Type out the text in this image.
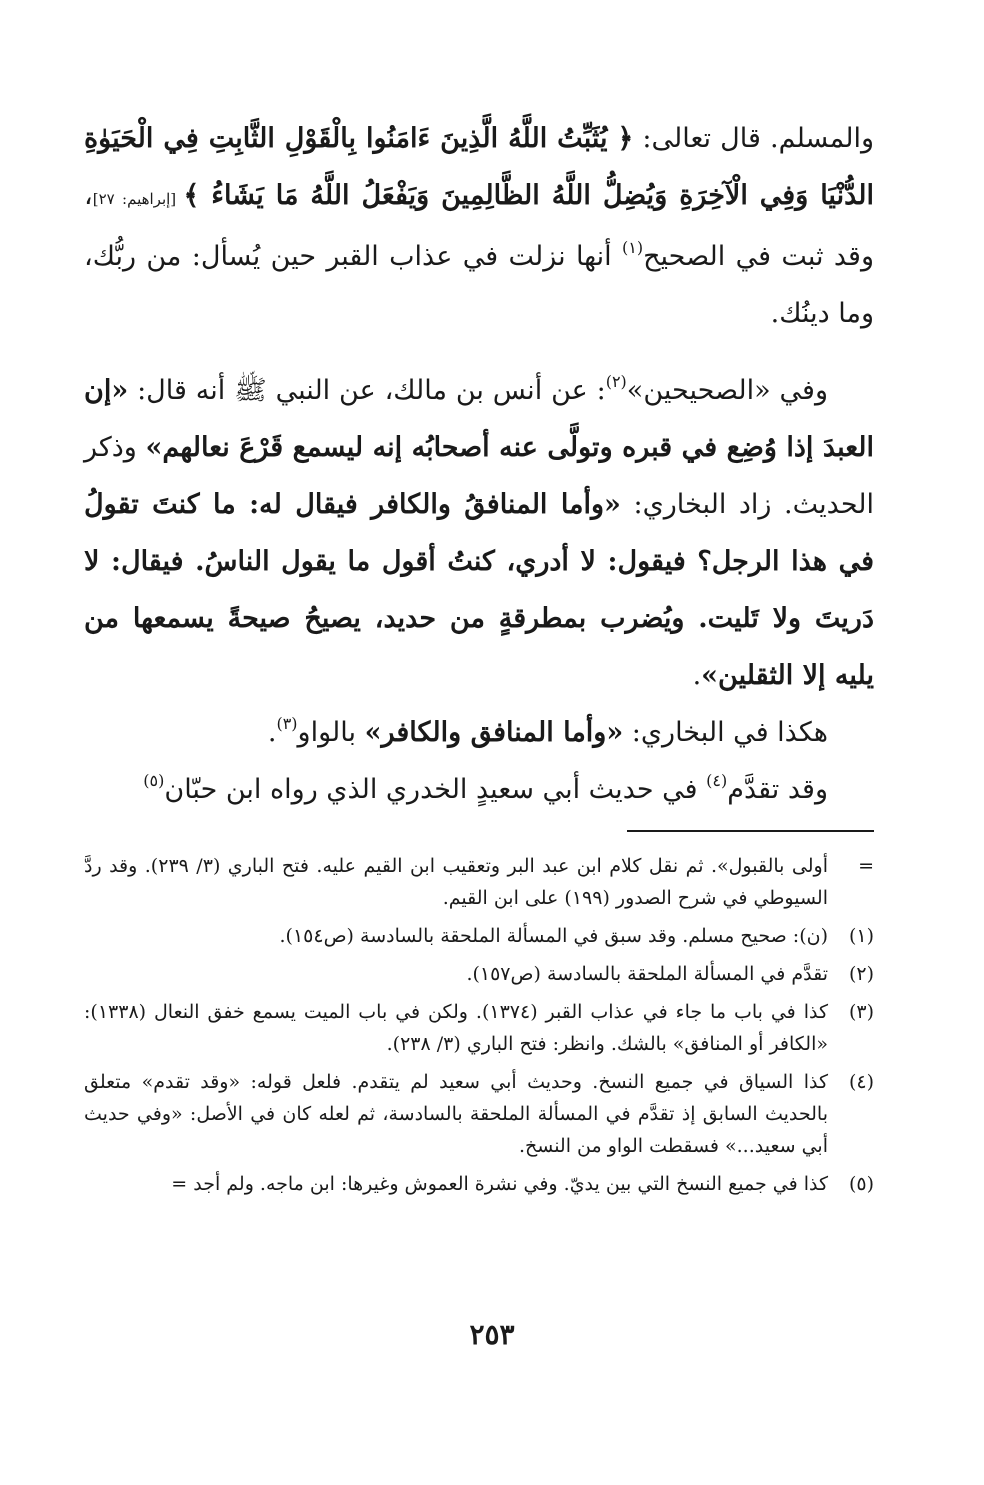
والمسلم. قال تعالى: ﴿ يُثَبِّتُ اللَّهُ الَّذِينَ ءَامَنُوا بِالْقَوْلِ الثَّابِتِ فِي الْحَيَوٰةِ الدُّنْيَا وَفِي الْآخِرَةِ وَيُضِلُّ اللَّهُ الظَّالِمِينَ وَيَفْعَلُ اللَّهُ مَا يَشَاءُ ﴾ [إبراهيم: ٢٧]، وقد ثبت في الصحيح$^{(١)}$ أنها نزلت في عذاب القبر حين يُسأل: من ربُّك، وما دينُك.

وفي «الصحيحين»$^{(٢)}$: عن أنس بن مالك، عن النبي ﷺ أنه قال: «إن العبدَ إذا وُضِع في قبره وتولَّى عنه أصحابُه إنه ليسمع قَرْعَ نعالهم» وذكر الحديث. زاد البخاري: «وأما المنافقُ والكافر فيقال له: ما كنتَ تقولُ في هذا الرجل؟ فيقول: لا أدري، كنتُ أقول ما يقول الناسُ. فيقال: لا دَريتَ ولا تَليت. ويُضرب بمطرقةٍ من حديد، يصيحُ صيحةً يسمعها من يليه إلا الثقلين».

هكذا في البخاري: «وأما المنافق والكافر» بالواو$^{(٣)}$.

وقد تقدَّم$^{(٤)}$ في حديث أبي سعيدٍ الخدري الذي رواه ابن حبّان$^{(٥)}$

=
أولى بالقبول». ثم نقل كلام ابن عبد البر وتعقيب ابن القيم عليه. فتح الباري (٣/ ٢٣٩). وقد ردَّ السيوطي في شرح الصدور (١٩٩) على ابن القيم.
(١)
(ن): صحيح مسلم. وقد سبق في المسألة الملحقة بالسادسة (ص١٥٤).
(٢)
تقدَّم في المسألة الملحقة بالسادسة (ص١٥٧).
(٣)
كذا في باب ما جاء في عذاب القبر (١٣٧٤). ولكن في باب الميت يسمع خفق النعال (١٣٣٨): «الكافر أو المنافق» بالشك. وانظر: فتح الباري (٣/ ٢٣٨).
(٤)
كذا السياق في جميع النسخ. وحديث أبي سعيد لم يتقدم. فلعل قوله: «وقد تقدم» متعلق بالحديث السابق إذ تقدَّم في المسألة الملحقة بالسادسة، ثم لعله كان في الأصل: «وفي حديث أبي سعيد...» فسقطت الواو من النسخ.
(٥)
كذا في جميع النسخ التي بين يديّ. وفي نشرة العموش وغيرها: ابن ماجه. ولم أجد =
٢٥٣
